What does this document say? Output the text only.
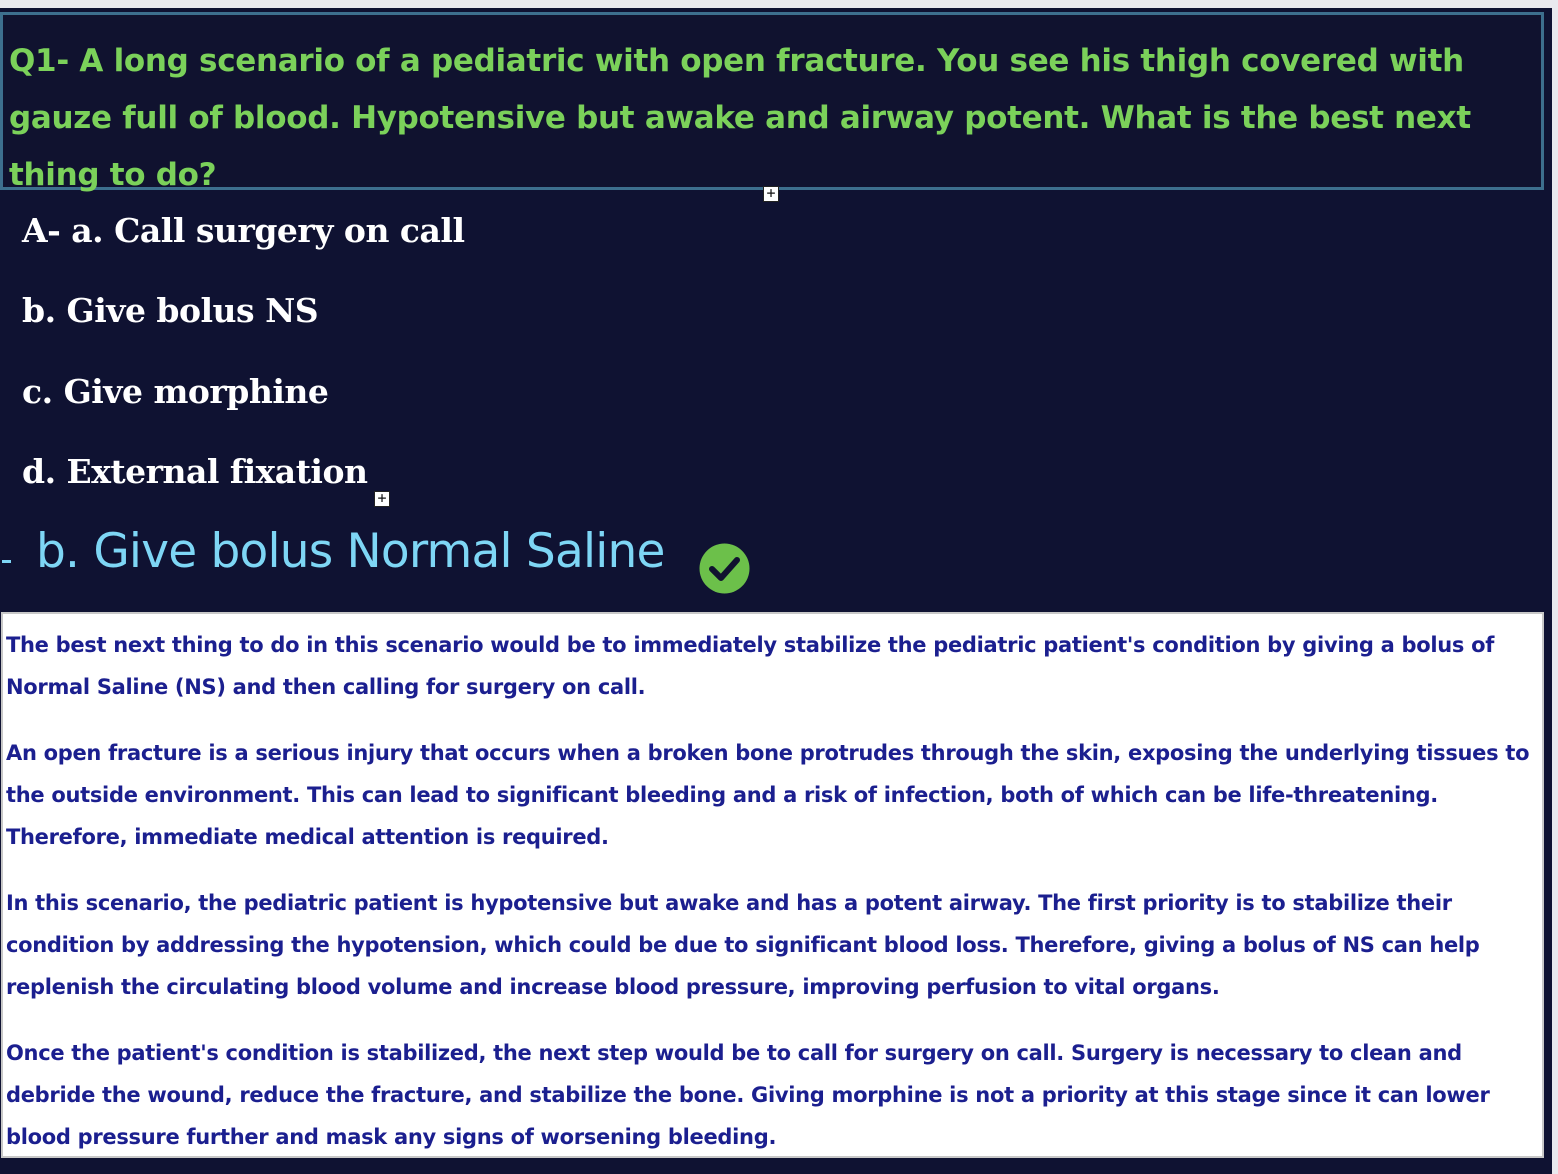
Q1- A long scenario of a pediatric with open fracture. You see his thigh covered with gauze full of blood. Hypotensive but awake and airway potent. What is the best next thing to do?	+

A- a. Call surgery on call

b. Give bolus NS

c. Give morphine

d. External fixation

+

b. Give bolus Normal Saline

The best next thing to do in this scenario would be to immediately stabilize the pediatric patient's condition by giving a bolus of Normal Saline (NS) and then calling for surgery on call.

An open fracture is a serious injury that occurs when a broken bone protrudes through the skin, exposing the underlying tissues to the outside environment. This can lead to significant bleeding and a risk of infection, both of which can be life-threatening. Therefore, immediate medical attention is required.

In this scenario, the pediatric patient is hypotensive but awake and has a potent airway. The first priority is to stabilize their condition by addressing the hypotension, which could be due to significant blood loss. Therefore, giving a bolus of NS can help replenish the circulating blood volume and increase blood pressure, improving perfusion to vital organs.

Once the patient's condition is stabilized, the next step would be to call for surgery on call. Surgery is necessary to clean and debride the wound, reduce the fracture, and stabilize the bone. Giving morphine is not a priority at this stage since it can lower blood pressure further and mask any signs of worsening bleeding.
